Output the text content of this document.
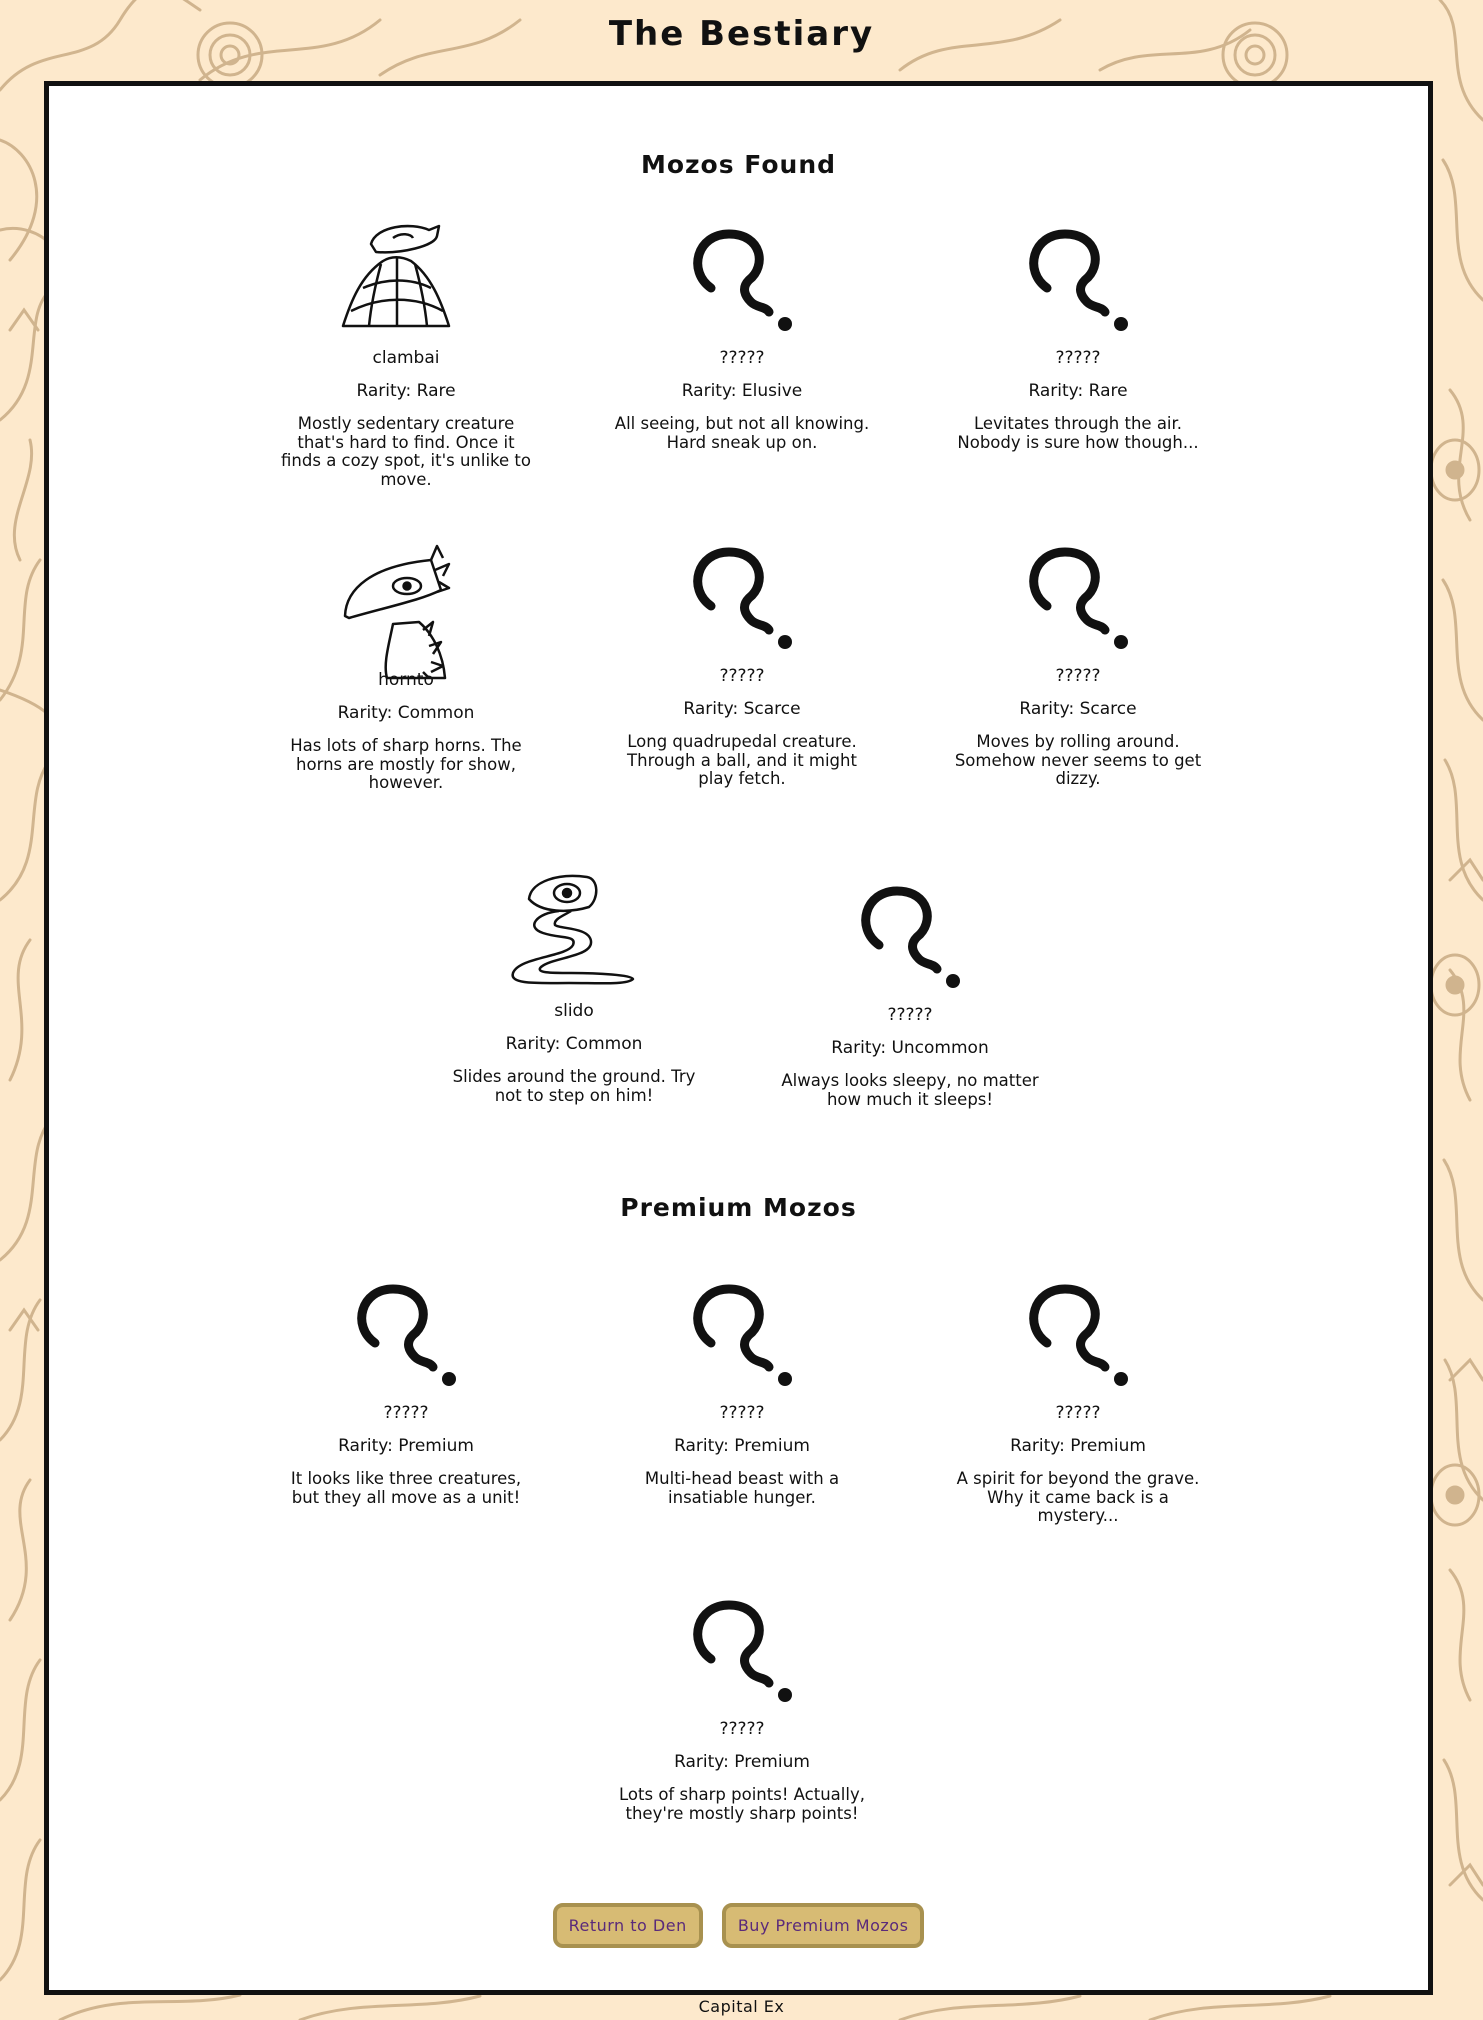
The Bestiary
Mozos Found
clambai
Rarity: Rare
Mostly sedentary creature that's hard to find. Once it finds a cozy spot, it's unlike to move.
?????
Rarity: Elusive
All seeing, but not all knowing. Hard sneak up on.
?????
Rarity: Rare
Levitates through the air. Nobody is sure how though...
hornto
Rarity: Common
Has lots of sharp horns. The horns are mostly for show, however.
?????
Rarity: Scarce
Long quadrupedal creature. Through a ball, and it might play fetch.
?????
Rarity: Scarce
Moves by rolling around. Somehow never seems to get dizzy.
slido
Rarity: Common
Slides around the ground. Try not to step on him!
?????
Rarity: Uncommon
Always looks sleepy, no matter how much it sleeps!
Premium Mozos
?????
Rarity: Premium
It looks like three creatures, but they all move as a unit!
?????
Rarity: Premium
Multi-head beast with a insatiable hunger.
?????
Rarity: Premium
A spirit for beyond the grave. Why it came back is a mystery...
?????
Rarity: Premium
Lots of sharp points! Actually, they're mostly sharp points!
Return to Den	Buy Premium Mozos
Capital Ex
